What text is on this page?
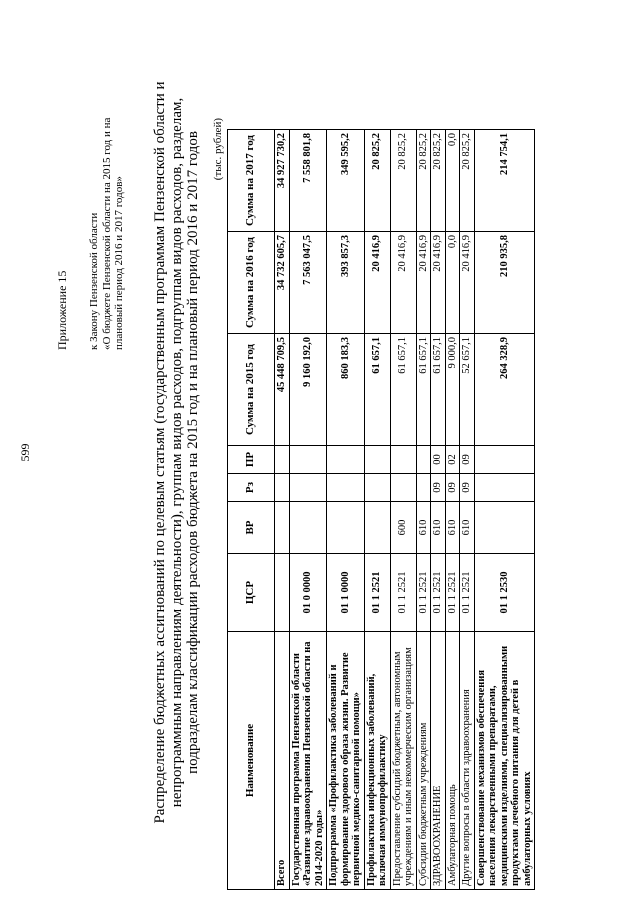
599
Приложение 15 к Закону Пензенской области «О бюджете Пензенской области на 2015 год и на плановый период 2016 и 2017 годов» Распределение бюджетных ассигнований по целевым статьям (государственным программам Пензенской области и непрограммным направлениям деятельности), группам видов расходов, подгруппам видов расходов, разделам, подразделам классификации расходов бюджета на 2015 год и на плановый период 2016 и 2017 годов (тыс. рублей)
Наименование	ЦСР	ВР	Рз	ПР	Сумма на 2015 год	Сумма на 2016 год	Сумма на 2017 год
Всего					45 448 709,5	34 732 605,7	34 927 730,2
Государственная программа Пензенской области «Развитие здравоохранения Пензенской области на 2014-2020 годы»	01 0 0000				9 160 192,0	7 563 047,5	7 558 801,8
Подпрограмма «Профилактика заболеваний и формирование здорового образа жизни. Развитие первичной медико-санитарной помощи»	01 1 0000				860 183,3	393 857,3	349 595,2
Профилактика инфекционных заболеваний, включая иммунопрофилактику	01 1 2521				61 657,1	20 416,9	20 825,2
Предоставление субсидий бюджетным, автономным учреждениям и иным некоммерческим организациям	01 1 2521	600			61 657,1	20 416,9	20 825,2
Субсидии бюджетным учреждениям	01 1 2521	610			61 657,1	20 416,9	20 825,2
ЗДРАВООХРАНЕНИЕ	01 1 2521	610	09	00	61 657,1	20 416,9	20 825,2
Амбулаторная помощь	01 1 2521	610	09	02	9 000,0	0,0	0,0
Другие вопросы в области здравоохранения	01 1 2521	610	09	09	52 657,1	20 416,9	20 825,2
Совершенствование механизмов обеспечения населения лекарственными препаратами, медицинскими изделиями, специализированными продуктами лечебного питания для детей в амбулаторных условиях	01 1 2530				264 328,9	210 935,8	214 754,1
